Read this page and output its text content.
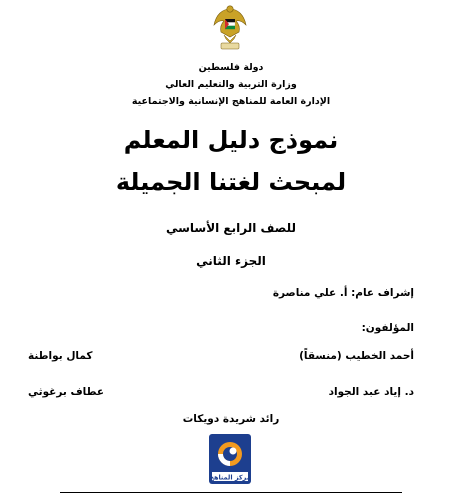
دولة فلسطين
وزارة التربية والتعليم العالي
الإدارة العامة للمناهج الإنسانية والاجتماعية
نموذج دليل المعلم
لمبحث لغتنا الجميلة
للصف الرابع الأساسي
الجزء الثاني
إشراف عام: أ. علي مناصرة
المؤلفون:
أحمد الخطيب (منسقاً)
كمال بواطنة
د. إياد عبد الجواد
عطاف برغوثي
رائد شريدة دويكات
مركز المناهج
